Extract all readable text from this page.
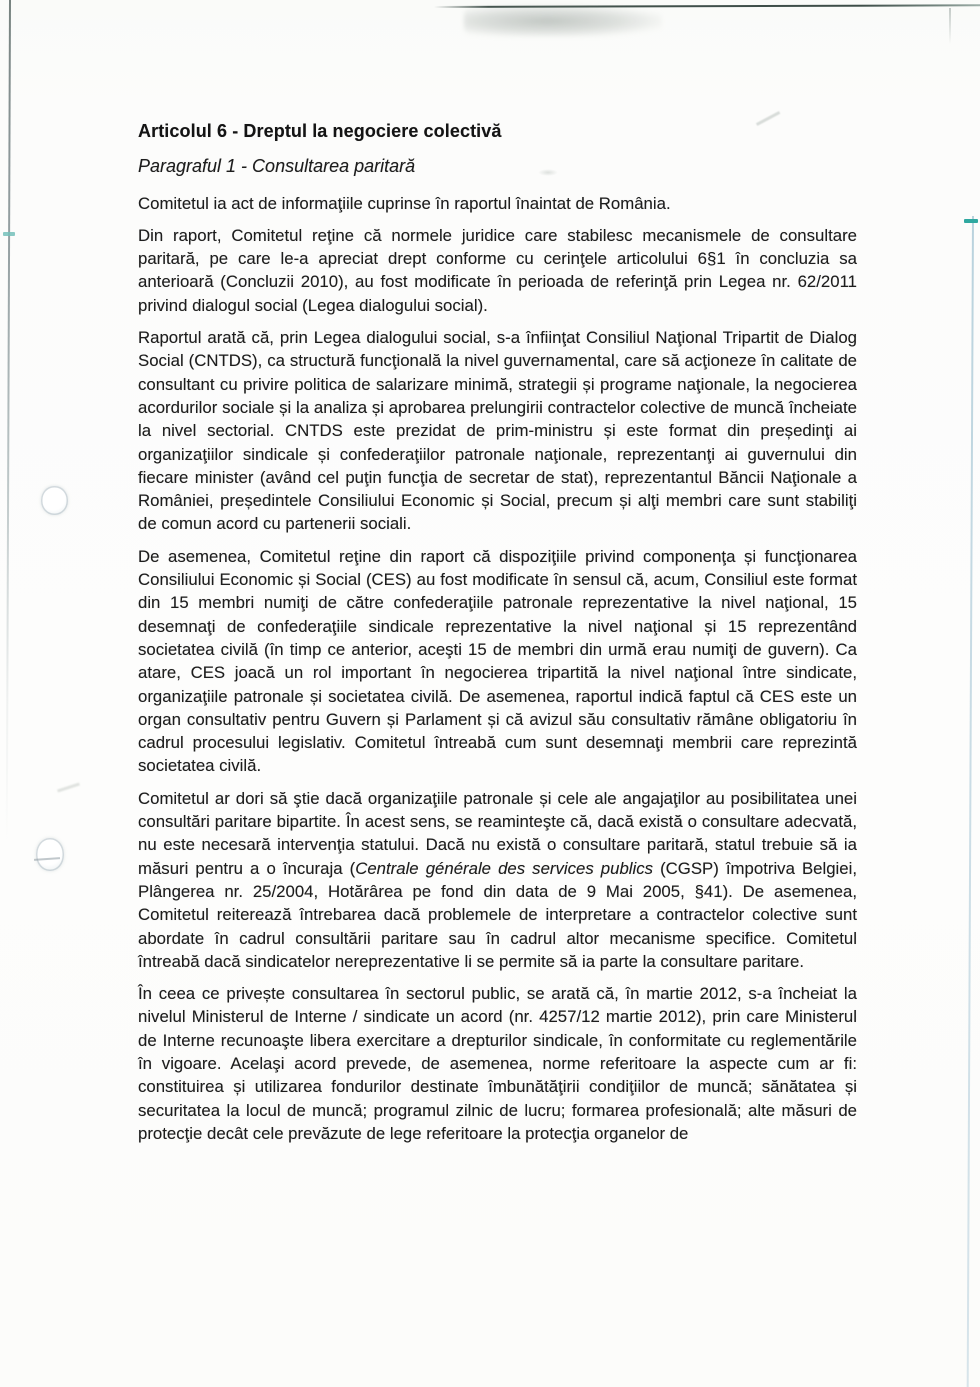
Articolul 6 - Dreptul la negociere colectivă
Paragraful 1 - Consultarea paritară

Comitetul ia act de informaţiile cuprinse în raportul înaintat de România.

Din raport, Comitetul reţine că normele juridice care stabilesc mecanismele de consultare paritară, pe care le-a apreciat drept conforme cu cerinţele articolului 6§1 în concluzia sa anterioară (Concluzii 2010), au fost modificate în perioada de referinţă prin Legea nr. 62/2011 privind dialogul social (Legea dialogului social).

Raportul arată că, prin Legea dialogului social, s-a înfiinţat Consiliul Naţional Tripartit de Dialog Social (CNTDS), ca structură funcţională la nivel guvernamental, care să acţioneze în calitate de consultant cu privire politica de salarizare minimă, strategii și programe naţionale, la negocierea acordurilor sociale și la analiza și aprobarea prelungirii contractelor colective de muncă încheiate la nivel sectorial. CNTDS este prezidat de prim-ministru și este format din președinţi ai organizaţiilor sindicale și confederaţiilor patronale naţionale, reprezentanţi ai guvernului din fiecare minister (având cel puţin funcţia de secretar de stat), reprezentantul Băncii Naţionale a României, președintele Consiliului Economic și Social, precum și alţi membri care sunt stabiliţi de comun acord cu partenerii sociali.

De asemenea, Comitetul reţine din raport că dispoziţiile privind componenţa și funcţionarea Consiliului Economic și Social (CES) au fost modificate în sensul că, acum, Consiliul este format din 15 membri numiţi de către confederaţiile patronale reprezentative la nivel naţional, 15 desemnaţi de confederaţiile sindicale reprezentative la nivel naţional și 15 reprezentând societatea civilă (în timp ce anterior, aceşti 15 de membri din urmă erau numiţi de guvern). Ca atare, CES joacă un rol important în negocierea tripartită la nivel naţional între sindicate, organizaţiile patronale și societatea civilă. De asemenea, raportul indică faptul că CES este un organ consultativ pentru Guvern și Parlament și că avizul său consultativ rămâne obligatoriu în cadrul procesului legislativ. Comitetul întreabă cum sunt desemnaţi membrii care reprezintă societatea civilă.

Comitetul ar dori să ştie dacă organizaţiile patronale și cele ale angajaţilor au posibilitatea unei consultări paritare bipartite. În acest sens, se reaminteşte că, dacă există o consultare adecvată, nu este necesară intervenţia statului. Dacă nu există o consultare paritară, statul trebuie să ia măsuri pentru a o încuraja (Centrale générale des services publics (CGSP) împotriva Belgiei, Plângerea nr. 25/2004, Hotărârea pe fond din data de 9 Mai 2005, §41). De asemenea, Comitetul reiterează întrebarea dacă problemele de interpretare a contractelor colective sunt abordate în cadrul consultării paritare sau în cadrul altor mecanisme specifice. Comitetul întreabă dacă sindicatelor nereprezentative li se permite să ia parte la consultare paritare.

În ceea ce privește consultarea în sectorul public, se arată că, în martie 2012, s-a încheiat la nivelul Ministerul de Interne / sindicate un acord (nr. 4257/12 martie 2012), prin care Ministerul de Interne recunoaşte libera exercitare a drepturilor sindicale, în conformitate cu reglementările în vigoare. Acelaşi acord prevede, de asemenea, norme referitoare la aspecte cum ar fi: constituirea și utilizarea fondurilor destinate îmbunătăţirii condiţiilor de muncă; sănătatea și securitatea la locul de muncă; programul zilnic de lucru; formarea profesională; alte măsuri de protecţie decât cele prevăzute de lege referitoare la protecţia organelor de
